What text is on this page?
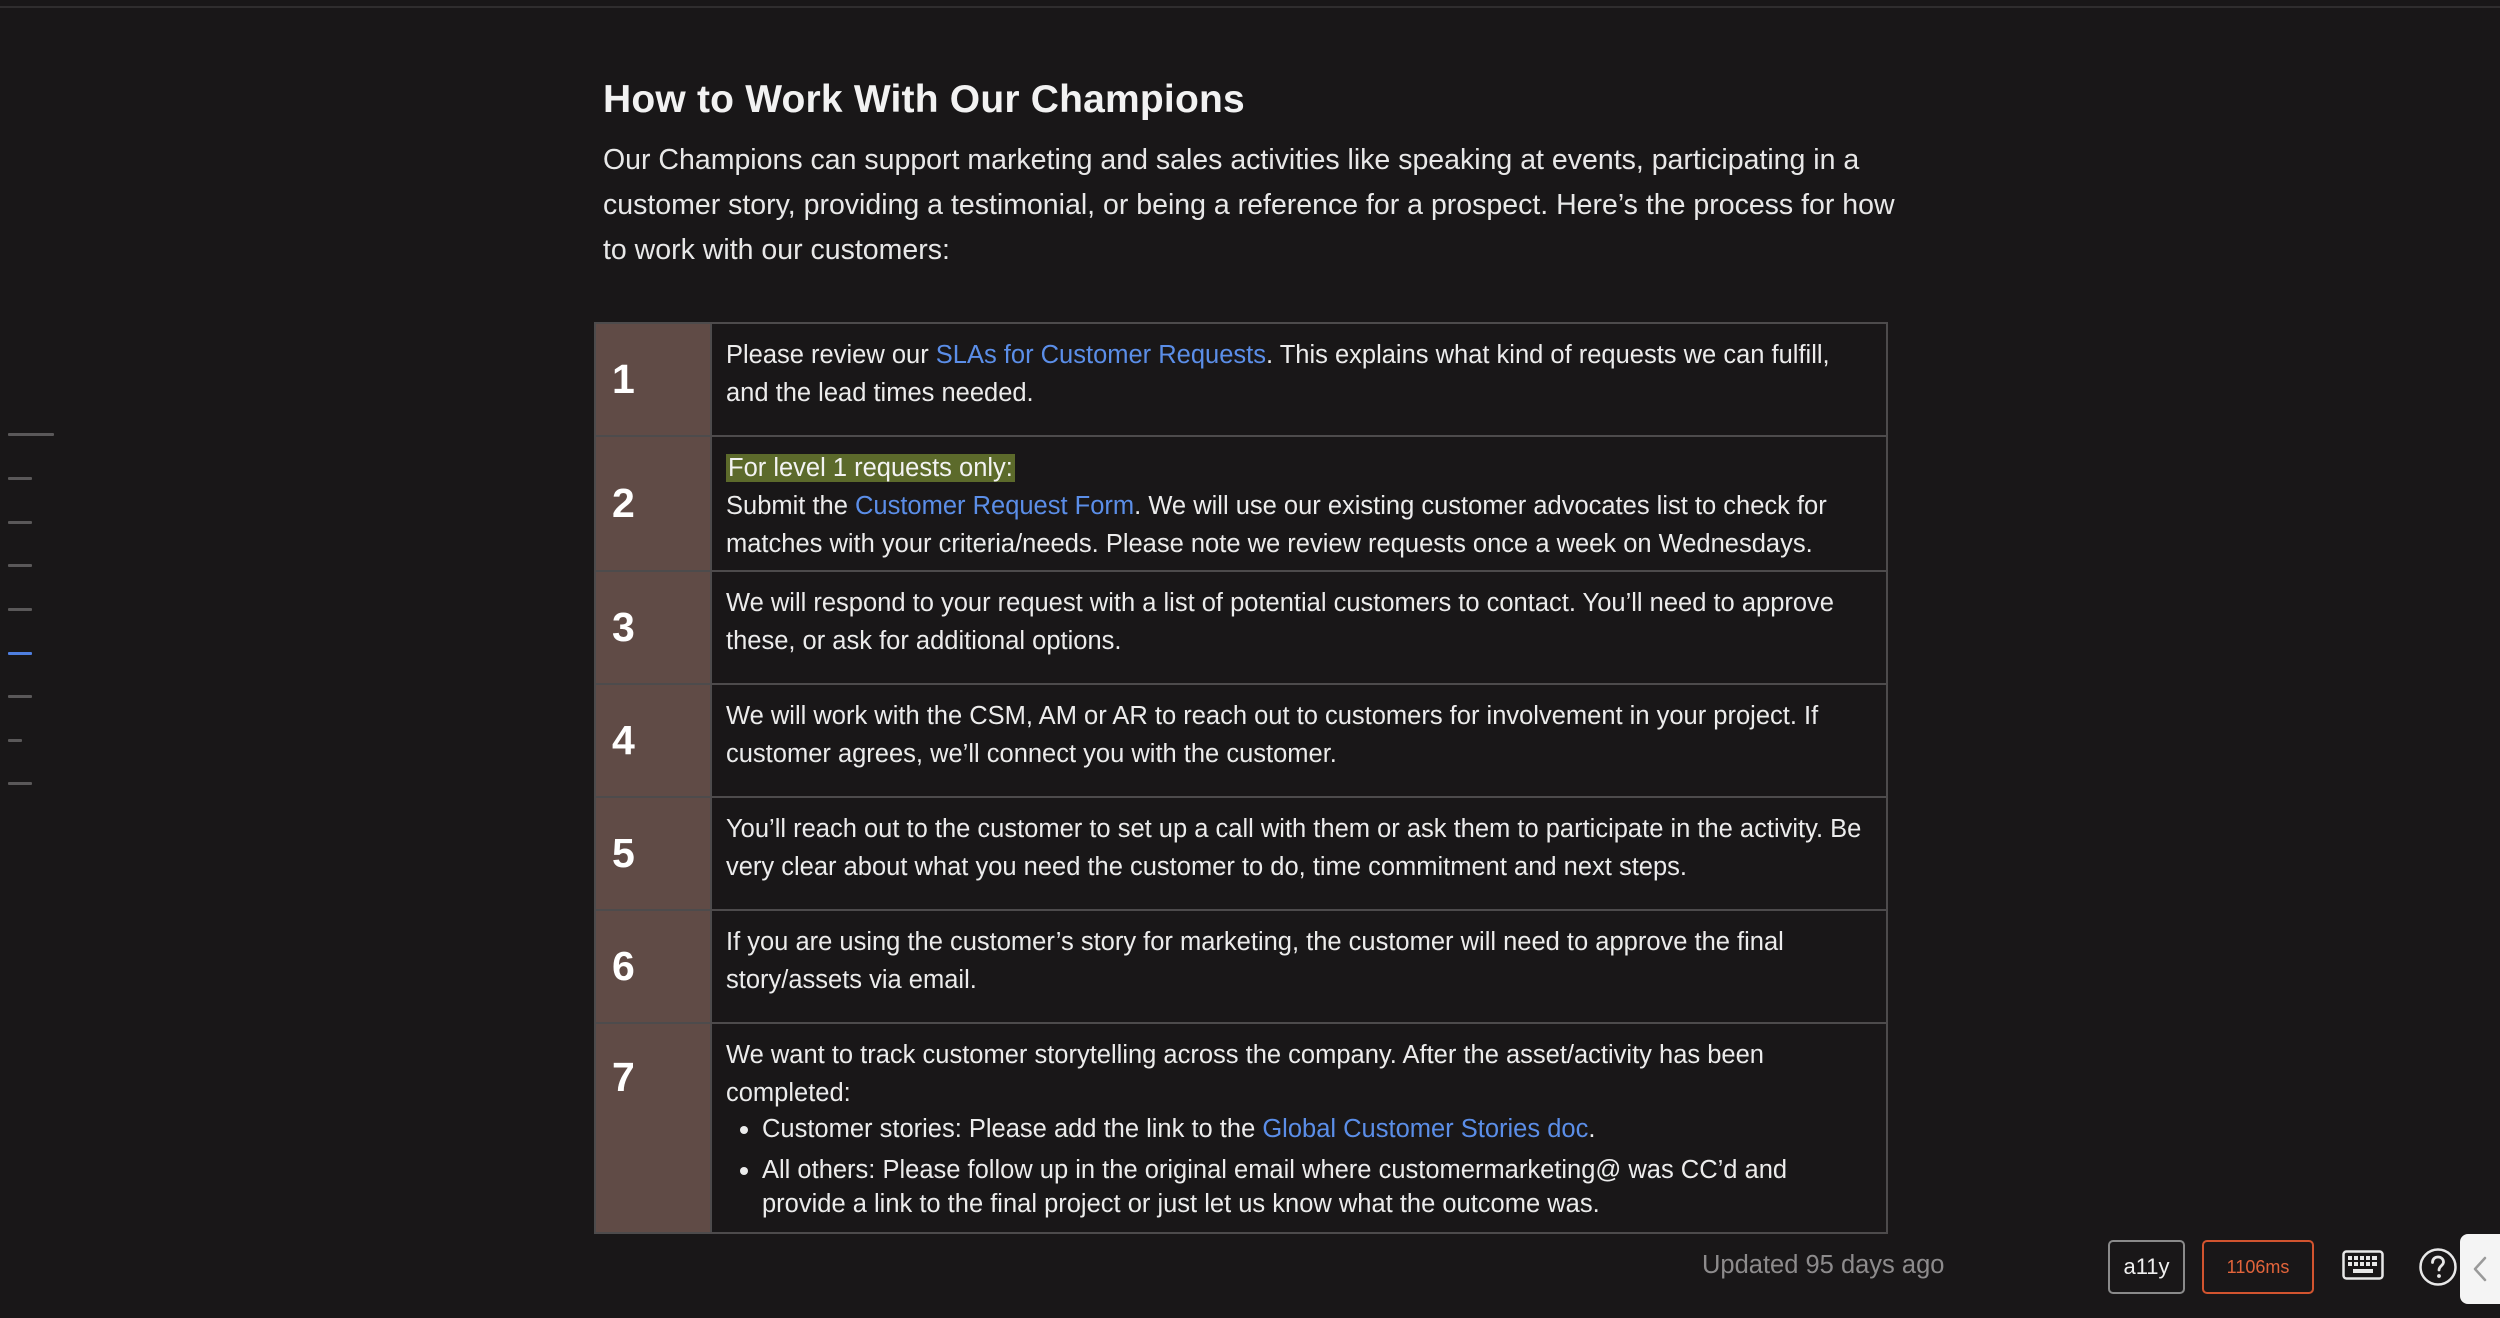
How to Work With Our Champions

Our Champions can support marketing and sales activities like speaking at events, participating in a customer story, providing a testimonial, or being a reference for a prospect. Here’s the process for how to work with our customers:

1
Please review our SLAs for Customer Requests. This explains what kind of requests we can fulfill, and the lead times needed.
2
For level 1 requests only:
Submit the Customer Request Form. We will use our existing customer advocates list to check for matches with your criteria/needs. Please note we review requests once a week on Wednesdays.
3
We will respond to your request with a list of potential customers to contact. You’ll need to approve these, or ask for additional options.
4
We will work with the CSM, AM or AR to reach out to customers for involvement in your project. If customer agrees, we’ll connect you with the customer.
5
You’ll reach out to the customer to set up a call with them or ask them to participate in the activity. Be very clear about what you need the customer to do, time commitment and next steps.
6
If you are using the customer’s story for marketing, the customer will need to approve the final story/assets via email.
7	We want to track customer storytelling across the company. After the asset/activity has been completed:
Customer stories: Please add the link to the Global Customer Stories doc.
All others: Please follow up in the original email where customermarketing@ was CC’d and provide a link to the final project or just let us know what the outcome was.
Updated 95 days ago	a11y	1106ms
